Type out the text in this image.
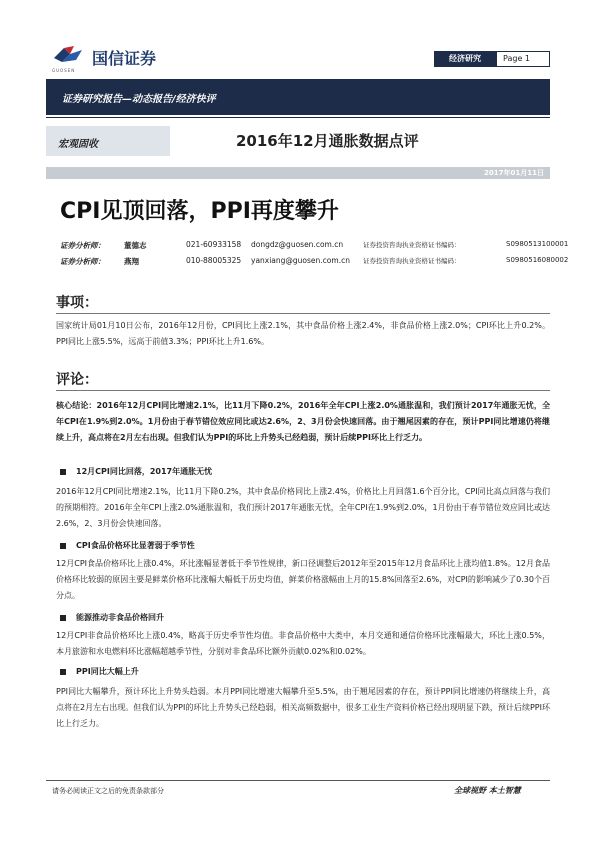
国信证券
GUOSEN
经济研究	Page 1
证券研究报告—动态报告/经济快评
宏观固收	2016年12月通胀数据点评
2017年01月11日
CPI见顶回落，PPI再度攀升
证券分析师：	董德志	021-60933158	dongdz@guosen.com.cn	证券投资咨询执业资格证书编码：	S0980513100001
证券分析师：	燕翔	010-88005325	yanxiang@guosen.com.cn	证券投资咨询执业资格证书编码：	S0980516080002
事项：
国家统计局01月10日公布，2016年12月份，CPI同比上涨2.1%，其中食品价格上涨2.4%，非食品价格上涨2.0%；CPI环比上升0.2%。PPI同比上涨5.5%，远高于前值3.3%；PPI环比上升1.6%。
评论：
核心结论：2016年12月CPI同比增速2.1%，比11月下降0.2%，2016年全年CPI上涨2.0%通胀温和，我们预计2017年通胀无忧，全年CPI在1.9%到2.0%。1月份由于春节错位效应同比或达2.6%，2、3月份会快速回落。由于翘尾因素的存在，预计PPI同比增速仍将继续上升，高点将在2月左右出现。但我们认为PPI的环比上升势头已经趋弱，预计后续PPI环比上行乏力。
12月CPI同比回落，2017年通胀无忧
2016年12月CPI同比增速2.1%，比11月下降0.2%，其中食品价格同比上涨2.4%，价格比上月回落1.6个百分比，CPI同比高点回落与我们的预期相符。2016年全年CPI上涨2.0%通胀温和，我们预计2017年通胀无忧，全年CPI在1.9%到2.0%，1月份由于春节错位效应同比或达2.6%，2、3月份会快速回落。
CPI食品价格环比显著弱于季节性
12月CPI食品价格环比上涨0.4%，环比涨幅显著低于季节性规律，新口径调整后2012年至2015年12月食品环比上涨均值1.8%。12月食品价格环比较弱的原因主要是鲜菜价格环比涨幅大幅低于历史均值，鲜菜价格涨幅由上月的15.8%回落至2.6%，对CPI的影响减少了0.30个百分点。
能源推动非食品价格回升
12月CPI非食品价格环比上涨0.4%，略高于历史季节性均值。非食品价格中大类中，本月交通和通信价格环比涨幅最大，环比上涨0.5%，本月旅游和水电燃料环比涨幅超越季节性，分别对非食品环比额外贡献0.02%和0.02%。
PPI同比大幅上升
PPI同比大幅攀升，预计环比上升势头趋弱。本月PPI同比增速大幅攀升至5.5%，由于翘尾因素的存在，预计PPI同比增速仍将继续上升，高点将在2月左右出现。但我们认为PPI的环比上升势头已经趋弱，相关高频数据中，很多工业生产资料价格已经出现明显下跌，预计后续PPI环比上行乏力。
请务必阅读正文之后的免责条款部分	全球视野 本土智慧
